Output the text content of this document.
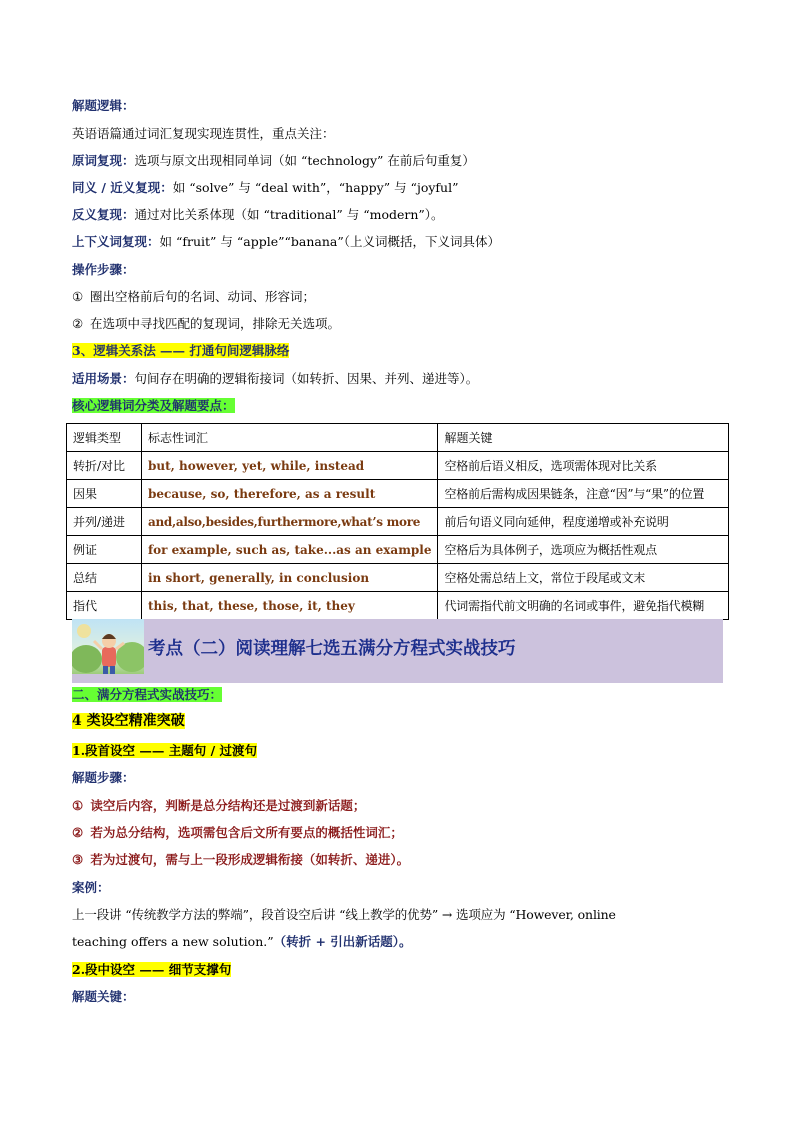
解题逻辑：
英语语篇通过词汇复现实现连贯性，重点关注：
原词复现：选项与原文出现相同单词（如 “technology” 在前后句重复）
同义 / 近义复现：如 “solve” 与 “deal with”，“happy” 与 “joyful”
反义复现：通过对比关系体现（如 “traditional” 与 “modern”）。
上下义词复现：如 “fruit” 与 “apple”“banana”（上义词概括，下义词具体）
操作步骤：
① 圈出空格前后句的名词、动词、形容词；
② 在选项中寻找匹配的复现词，排除无关选项。
3、逻辑关系法 —— 打通句间逻辑脉络
适用场景：句间存在明确的逻辑衔接词（如转折、因果、并列、递进等）。
核心逻辑词分类及解题要点：
逻辑类型	标志性词汇	解题关键
转折/对比	but, however, yet, while, instead	空格前后语义相反，选项需体现对比关系
因果	because, so, therefore, as a result	空格前后需构成因果链条，注意“因”与“果”的位置
并列/递进	and,also,besides,furthermore,what’s more	前后句语义同向延伸，程度递增或补充说明
例证	for example, such as, take...as an example	空格后为具体例子，选项应为概括性观点
总结	in short, generally, in conclusion	空格处需总结上文，常位于段尾或文末
指代	this, that, these, those, it, they	代词需指代前文明确的名词或事件，避免指代模糊
考点（二）阅读理解七选五满分方程式实战技巧
二、满分方程式实战技巧：
4 类设空精准突破
1.段首设空 —— 主题句 / 过渡句
解题步骤：
① 读空后内容，判断是总分结构还是过渡到新话题；
② 若为总分结构，选项需包含后文所有要点的概括性词汇；
③ 若为过渡句，需与上一段形成逻辑衔接（如转折、递进）。
案例：
上一段讲 “传统教学方法的弊端”，段首设空后讲 “线上教学的优势” → 选项应为 “However, online
teaching offers a new solution.”（转折 + 引出新话题）。
2.段中设空 —— 细节支撑句
解题关键：
